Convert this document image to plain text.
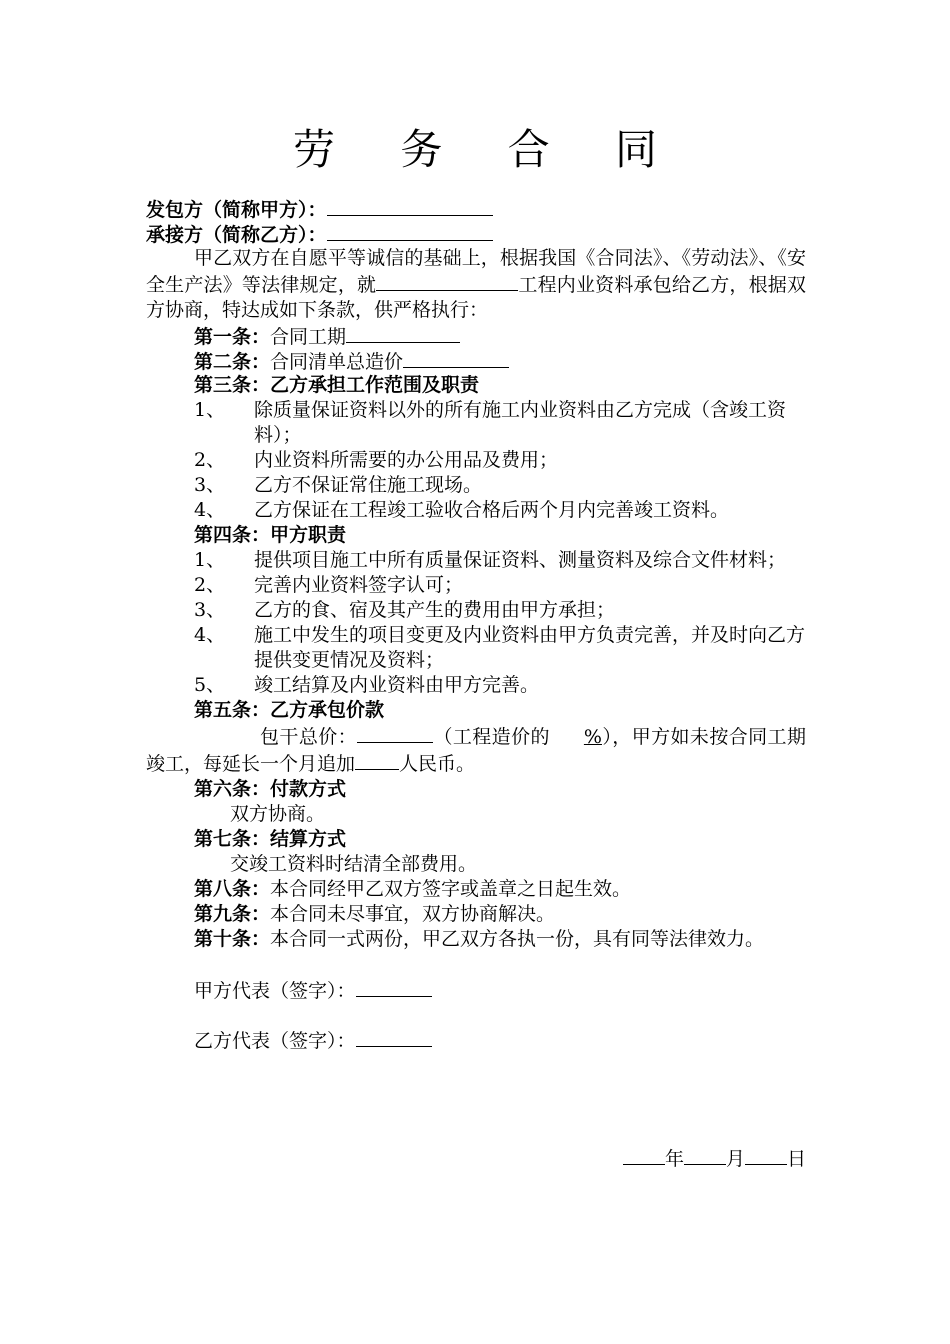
劳 务 合 同
发包方（简称甲方）：
承接方（简称乙方）：
甲乙双方在自愿平等诚信的基础上，根据我国《合同法》、《劳动法》、《安全生产法》等法律规定，就	工程内业资料承包给乙方，根据双方协商，特达成如下条款，供严格执行：
第一条：合同工期
第二条：合同清单总造价
第三条：乙方承担工作范围及职责
1、 除质量保证资料以外的所有施工内业资料由乙方完成（含竣工资料）；
2、 内业资料所需要的办公用品及费用；
3、 乙方不保证常住施工现场。
4、 乙方保证在工程竣工验收合格后两个月内完善竣工资料。
第四条：甲方职责
1、 提供项目施工中所有质量保证资料、测量资料及综合文件材料；
2、 完善内业资料签字认可；
3、 乙方的食、宿及其产生的费用由甲方承担；
4、 施工中发生的项目变更及内业资料由甲方负责完善，并及时向乙方提供变更情况及资料；
5、 竣工结算及内业资料由甲方完善。
第五条：乙方承包价款
包干总价：	（工程造价的 %），甲方如未按合同工期竣工，每延长一个月追加 人民币。
第六条：付款方式
双方协商。
第七条：结算方式
交竣工资料时结清全部费用。
第八条：本合同经甲乙双方签字或盖章之日起生效。
第九条：本合同未尽事宜，双方协商解决。
第十条：本合同一式两份，甲乙双方各执一份，具有同等法律效力。
甲方代表（签字）：
乙方代表（签字）：
年 月 日
